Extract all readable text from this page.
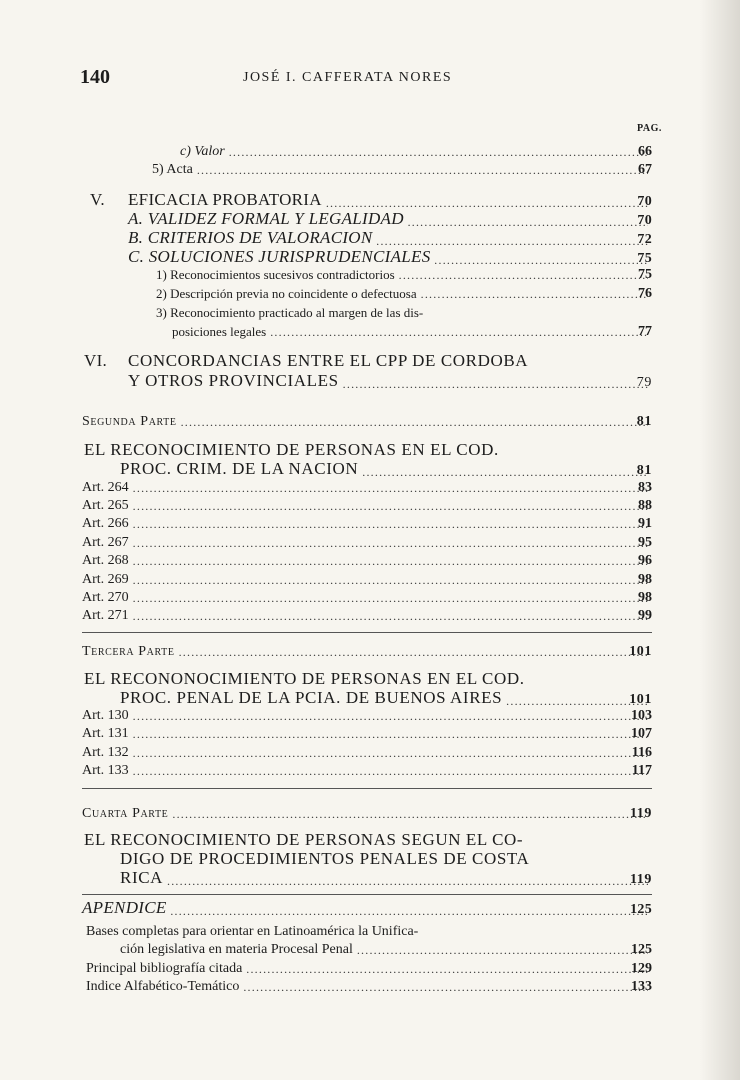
140	JOSÉ I. CAFFERATA NORES
PAG.
c) Valor .....	66
5) Acta .....	67
V. EFICACIA PROBATORIA .....	70
A. VALIDEZ FORMAL Y LEGALIDAD .....	70
B. CRITERIOS DE VALORACION .....	72
C. SOLUCIONES JURISPRUDENCIALES .....	75
1) Reconocimientos sucesivos contradictorios .....	75
2) Descripción previa no coincidente o defectuosa .....	76
3) Reconocimiento practicado al margen de las dis-
posiciones legales .....	77
VI. CONCORDANCIAS ENTRE EL CPP DE CORDOBA
Y OTROS PROVINCIALES .....	79
Segunda Parte .....	81
EL RECONOCIMIENTO DE PERSONAS EN EL COD.
PROC. CRIM. DE LA NACION .....	81
Art. 264 .....	83
Art. 265 .....	88
Art. 266 .....	91
Art. 267 .....	95
Art. 268 .....	96
Art. 269 .....	98
Art. 270 .....	98
Art. 271 .....	99
Tercera Parte .....	101
EL RECONONOCIMIENTO DE PERSONAS EN EL COD.
PROC. PENAL DE LA PCIA. DE BUENOS AIRES .....	101
Art. 130 .....	103
Art. 131 .....	107
Art. 132 .....	116
Art. 133 .....	117
Cuarta Parte .....	119
EL RECONOCIMIENTO DE PERSONAS SEGUN EL CO-
DIGO DE PROCEDIMIENTOS PENALES DE COSTA
RICA .....	119
APENDICE .....	125
Bases completas para orientar en Latinoamérica la Unifica-
ción legislativa en materia Procesal Penal .....	125
Principal bibliografía citada .....	129
Indice Alfabético-Temático .....	133
